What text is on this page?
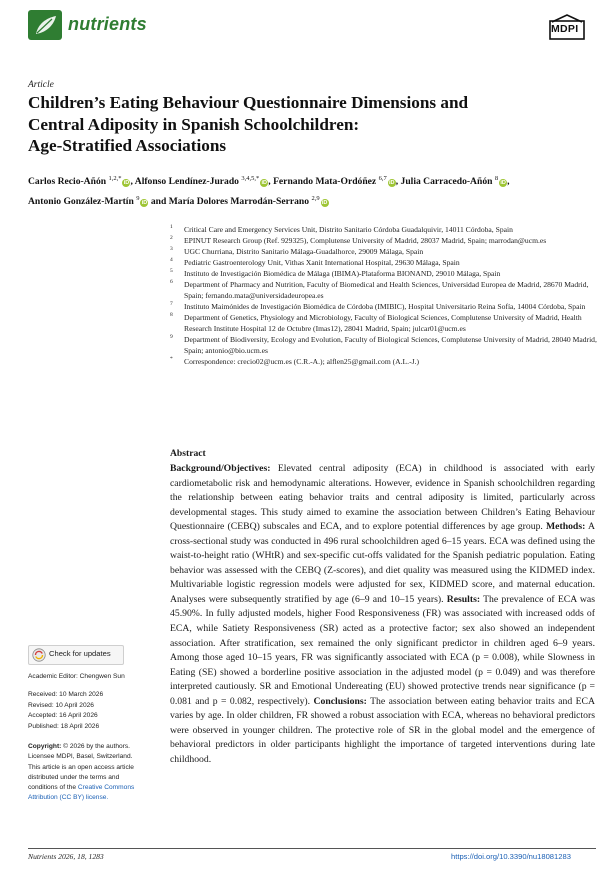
nutrients	MDPI
Article
Children’s Eating Behaviour Questionnaire Dimensions and
Central Adiposity in Spanish Schoolchildren:
Age-Stratified Associations
Carlos Recio-Añón $^{1,2,*}$iD, Alfonso Lendínez-Jurado $^{3,4,5,*}$iD, Fernando Mata-Ordóñez $^{6,7}$iD, Julia Carracedo-Añón $^8$iD,
Antonio González-Martín $^9$iD and María Dolores Marrodán-Serrano $^{2,9}$iD
1 Critical Care and Emergency Services Unit, Distrito Sanitario Córdoba Guadalquivir, 14011 Córdoba, Spain
2 EPINUT Research Group (Ref. 929325), Complutense University of Madrid, 28037 Madrid, Spain; marrodan@ucm.es
3 UGC Churriana, Distrito Sanitario Málaga-Guadalhorce, 29009 Málaga, Spain
4 Pediatric Gastroenterology Unit, Vithas Xanit International Hospital, 29630 Málaga, Spain
5 Instituto de Investigación Biomédica de Málaga (IBIMA)-Plataforma BIONAND, 29010 Málaga, Spain
6 Department of Pharmacy and Nutrition, Faculty of Biomedical and Health Sciences, Universidad Europea de Madrid, 28670 Madrid, Spain; fernando.mata@universidadeuropea.es
7 Instituto Maimónides de Investigación Biomédica de Córdoba (IMIBIC), Hospital Universitario Reina Sofía, 14004 Córdoba, Spain
8 Department of Genetics, Physiology and Microbiology, Faculty of Biological Sciences, Complutense University of Madrid, Health Research Institute Hospital 12 de Octubre (Imas12), 28041 Madrid, Spain; julcar01@ucm.es
9 Department of Biodiversity, Ecology and Evolution, Faculty of Biological Sciences, Complutense University of Madrid, 28040 Madrid, Spain; antonio@bio.ucm.es
* Correspondence: crecio02@ucm.es (C.R.-A.); alflen25@gmail.com (A.L.-J.)
Abstract
Background/Objectives: Elevated central adiposity (ECA) in childhood is associated with early cardiometabolic risk and hemodynamic alterations. However, evidence in Spanish schoolchildren regarding the relationship between eating behavior traits and central adiposity is limited, particularly across developmental stages. This study aimed to examine the association between Children’s Eating Behaviour Questionnaire (CEBQ) subscales and ECA, and to explore potential differences by age group. Methods: A cross-sectional study was conducted in 496 rural schoolchildren aged 6–15 years. ECA was defined using the waist-to-height ratio (WHtR) and sex-specific cut-offs validated for the Spanish pediatric population. Eating behavior was assessed with the CEBQ (Z-scores), and diet quality was measured using the KIDMED index. Multivariable logistic regression models were adjusted for sex, KIDMED score, and maternal education. Analyses were subsequently stratified by age (6–9 and 10–15 years). Results: The prevalence of ECA was 45.90%. In fully adjusted models, higher Food Responsiveness (FR) was associated with increased odds of ECA, while Satiety Responsiveness (SR) acted as a protective factor; sex also showed an independent association. After stratification, sex remained the only significant predictor in children aged 6–9 years. Among those aged 10–15 years, FR was significantly associated with ECA (p = 0.008), while Slowness in Eating (SE) showed a borderline positive association in the adjusted model (p = 0.049) and was therefore interpreted cautiously. SR and Emotional Undereating (EU) showed protective trends near significance (p = 0.081 and p = 0.082, respectively). Conclusions: The association between eating behavior traits and ECA varies by age. In older children, FR showed a robust association with ECA, whereas no behavioral predictors were observed in younger children. The protective role of SR in the global model and the emergence of behavioral predictors in older participants highlight the importance of targeted interventions during late childhood.
Check for updates
Academic Editor: Chengwen Sun
Received: 10 March 2026
Revised: 10 April 2026
Accepted: 16 April 2026
Published: 18 April 2026
Copyright: © 2026 by the authors. Licensee MDPI, Basel, Switzerland. This article is an open access article distributed under the terms and conditions of the Creative Commons Attribution (CC BY) license.
Nutrients 2026, 18, 1283	https://doi.org/10.3390/nu18081283
